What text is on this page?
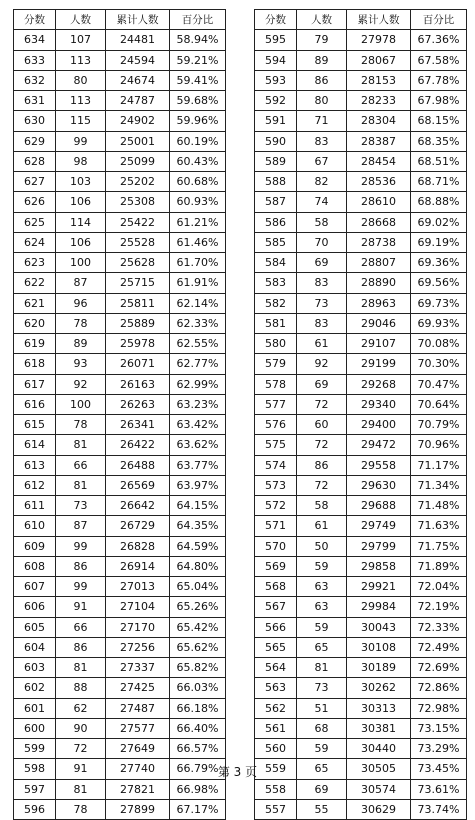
分数	人数	累计人数	百分比
634	107	24481	58.94%
633	113	24594	59.21%
632	80	24674	59.41%
631	113	24787	59.68%
630	115	24902	59.96%
629	99	25001	60.19%
628	98	25099	60.43%
627	103	25202	60.68%
626	106	25308	60.93%
625	114	25422	61.21%
624	106	25528	61.46%
623	100	25628	61.70%
622	87	25715	61.91%
621	96	25811	62.14%
620	78	25889	62.33%
619	89	25978	62.55%
618	93	26071	62.77%
617	92	26163	62.99%
616	100	26263	63.23%
615	78	26341	63.42%
614	81	26422	63.62%
613	66	26488	63.77%
612	81	26569	63.97%
611	73	26642	64.15%
610	87	26729	64.35%
609	99	26828	64.59%
608	86	26914	64.80%
607	99	27013	65.04%
606	91	27104	65.26%
605	66	27170	65.42%
604	86	27256	65.62%
603	81	27337	65.82%
602	88	27425	66.03%
601	62	27487	66.18%
600	90	27577	66.40%
599	72	27649	66.57%
598	91	27740	66.79%
597	81	27821	66.98%
596	78	27899	67.17%
分数	人数	累计人数	百分比
595	79	27978	67.36%
594	89	28067	67.58%
593	86	28153	67.78%
592	80	28233	67.98%
591	71	28304	68.15%
590	83	28387	68.35%
589	67	28454	68.51%
588	82	28536	68.71%
587	74	28610	68.88%
586	58	28668	69.02%
585	70	28738	69.19%
584	69	28807	69.36%
583	83	28890	69.56%
582	73	28963	69.73%
581	83	29046	69.93%
580	61	29107	70.08%
579	92	29199	70.30%
578	69	29268	70.47%
577	72	29340	70.64%
576	60	29400	70.79%
575	72	29472	70.96%
574	86	29558	71.17%
573	72	29630	71.34%
572	58	29688	71.48%
571	61	29749	71.63%
570	50	29799	71.75%
569	59	29858	71.89%
568	63	29921	72.04%
567	63	29984	72.19%
566	59	30043	72.33%
565	65	30108	72.49%
564	81	30189	72.69%
563	73	30262	72.86%
562	51	30313	72.98%
561	68	30381	73.15%
560	59	30440	73.29%
559	65	30505	73.45%
558	69	30574	73.61%
557	55	30629	73.74%
第 3 页
